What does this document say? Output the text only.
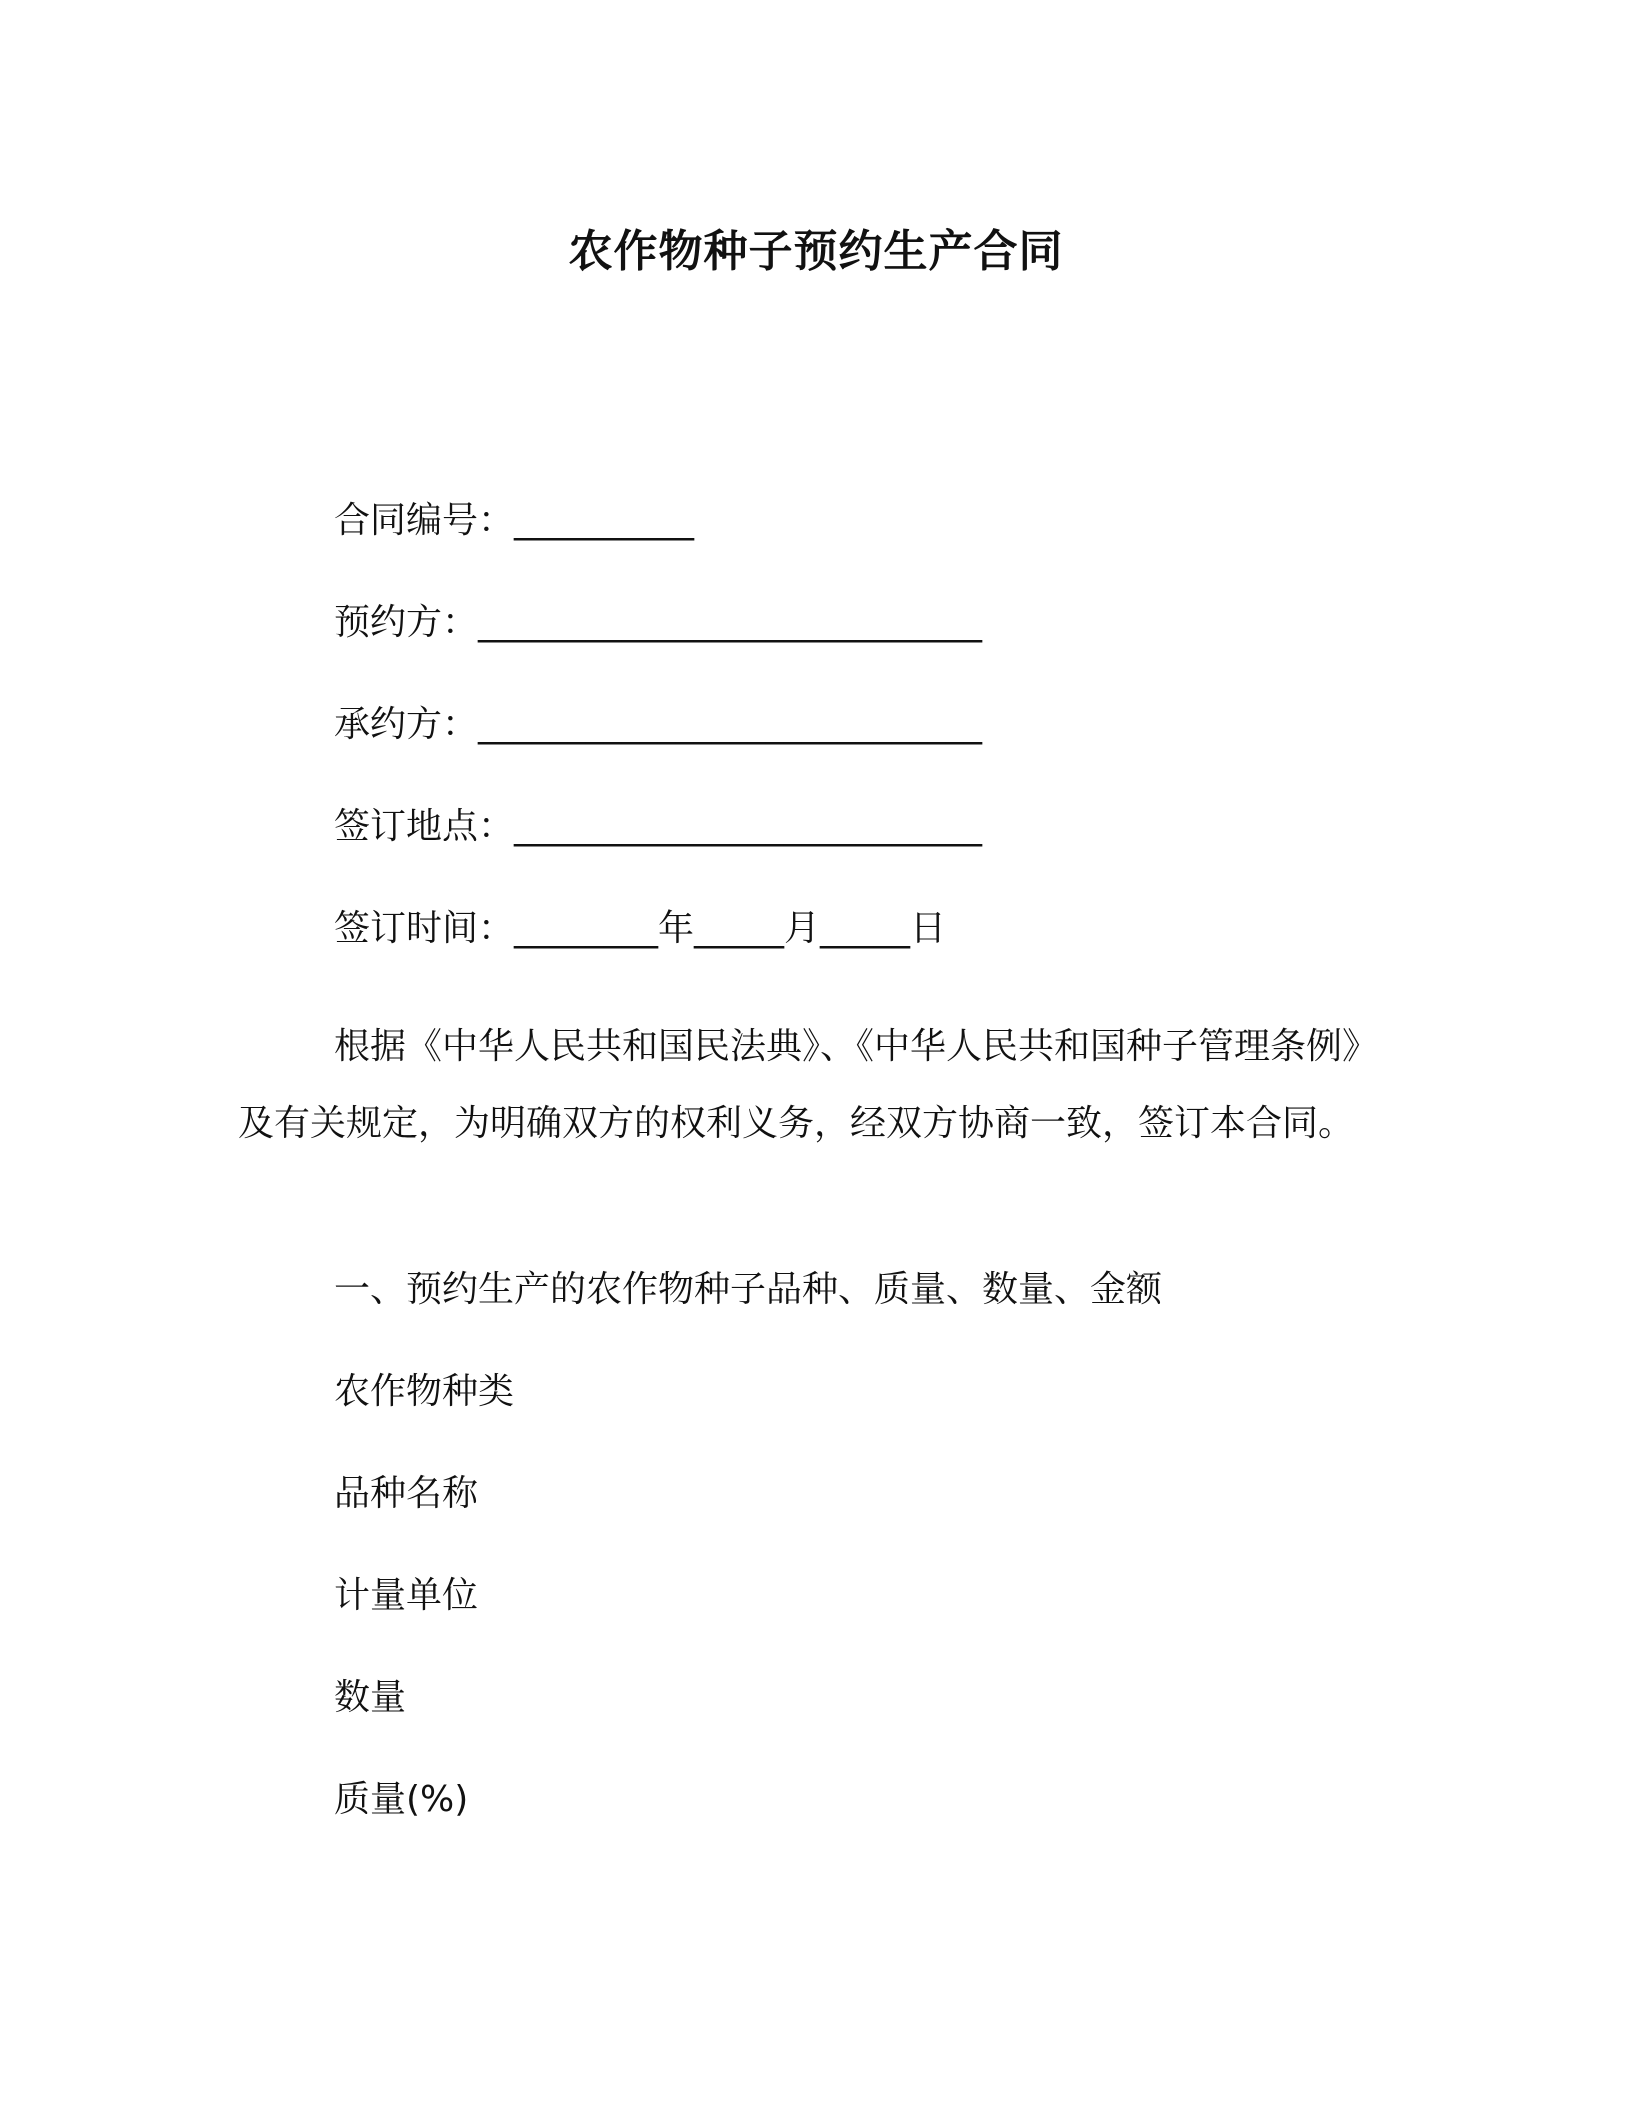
农作物种子预约生产合同
合同编号：__________
预约方：____________________________
承约方：____________________________
签订地点：__________________________
签订时间：________年_____月_____日
根据《中华人民共和国民法典》、《中华人民共和国种子管理条例》及有关规定，为明确双方的权利义务，经双方协商一致，签订本合同。
一、预约生产的农作物种子品种、质量、数量、金额
农作物种类
品种名称
计量单位
数量
质量(%)
